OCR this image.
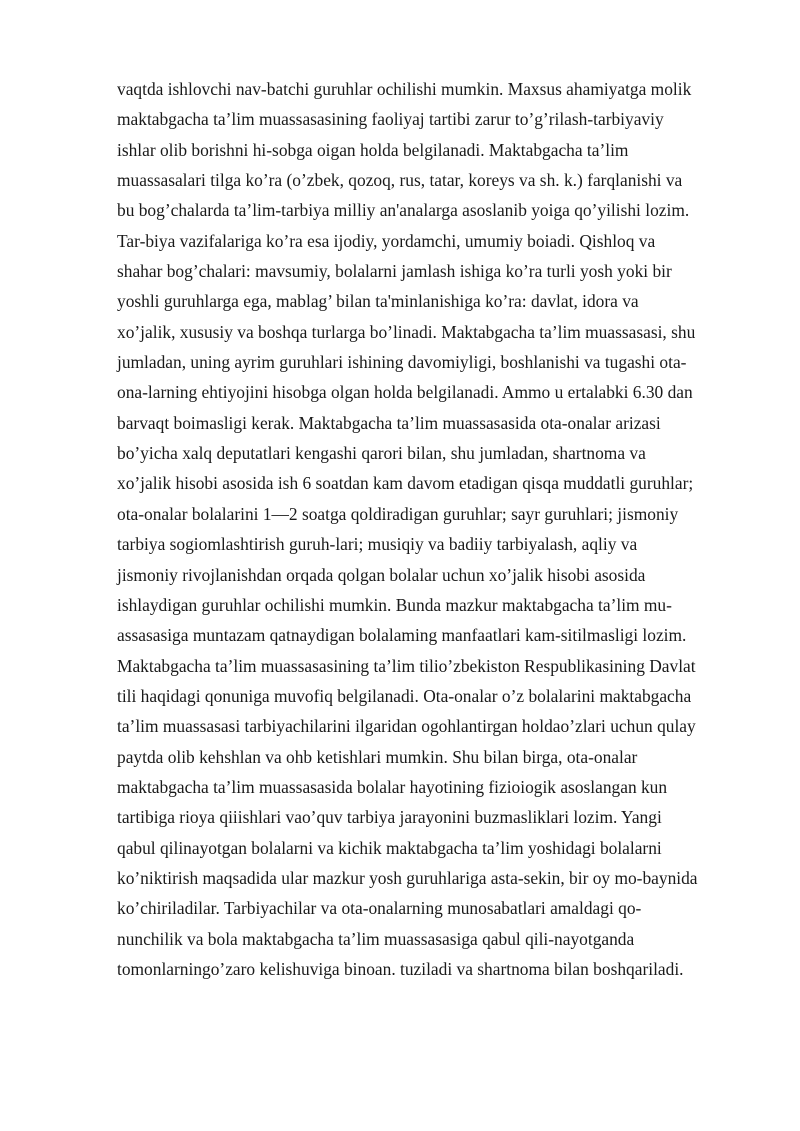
vaqtda ishlovchi nav-batchi guruhlar ochilishi mumkin. Maxsus ahamiyatga molik
maktabgacha ta’lim muassasasining faoliyaj tartibi zarur to’g’rilash-tarbiyaviy
ishlar olib borishni hi-sobga oigan holda belgilanadi. Maktabgacha ta’lim
muassasalari tilga ko’ra (o’zbek, qozoq, rus, tatar, koreys va sh. k.) farqlanishi va
bu bog’chalarda ta’lim-tarbiya milliy an'analarga asoslanib yoiga qo’yilishi lozim.
Tar-biya vazifalariga ko’ra esa ijodiy, yordamchi, umumiy boiadi. Qishloq va
shahar bog’chalari: mavsumiy, bolalarni jamlash ishiga ko’ra turli yosh yoki bir
yoshli guruhlarga ega, mablag’ bilan ta'minlanishiga ko’ra: davlat, idora va
xo’jalik, xususiy va boshqa turlarga bo’linadi. Maktabgacha ta’lim muassasasi, shu
jumladan, uning ayrim guruhlari ishining davomiyligi, boshlanishi va tugashi ota-
ona-larning ehtiyojini hisobga olgan holda belgilanadi. Ammo u ertalabki 6.30 dan
barvaqt boimasligi kerak. Maktabgacha ta’lim muassasasida ota-onalar arizasi
bo’yicha xalq deputatlari kengashi qarori bilan, shu jumladan, shartnoma va
xo’jalik hisobi asosida ish 6 soatdan kam davom etadigan qisqa muddatli guruhlar;
ota-onalar bolalarini 1—2 soatga qoldiradigan guruhlar; sayr guruhlari; jismoniy
tarbiya sogiomlashtirish guruh-lari; musiqiy va badiiy tarbiyalash, aqliy va
jismoniy rivojlanishdan orqada qolgan bolalar uchun xo’jalik hisobi asosida
ishlaydigan guruhlar ochilishi mumkin. Bunda mazkur maktabgacha ta’lim mu-
assasasiga muntazam qatnaydigan bolalaming manfaatlari kam-sitilmasligi lozim.
Maktabgacha ta’lim muassasasining ta’lim tilio’zbekiston Respublikasining Davlat
tili haqidagi qonuniga muvofiq belgilanadi. Ota-onalar o’z bolalarini maktabgacha
ta’lim muassasasi tarbiyachilarini ilgaridan ogohlantirgan holdao’zlari uchun qulay
paytda olib kehshlan va ohb ketishlari mumkin. Shu bilan birga, ota-onalar
maktabgacha ta’lim muassasasida bolalar hayotining fizioiogik asoslangan kun
tartibiga rioya qiiishlari vao’quv tarbiya jarayonini buzmasliklari lozim. Yangi
qabul qilinayotgan bolalarni va kichik maktabgacha ta’lim yoshidagi bolalarni
ko’niktirish maqsadida ular mazkur yosh guruhlariga asta-sekin, bir oy mo-baynida
ko’chiriladilar. Tarbiyachilar va ota-onalarning munosabatlari amaldagi qo-
nunchilik va bola maktabgacha ta’lim muassasasiga qabul qili-nayotganda
tomonlarningo’zaro kelishuviga binoan. tuziladi va shartnoma bilan boshqariladi.
